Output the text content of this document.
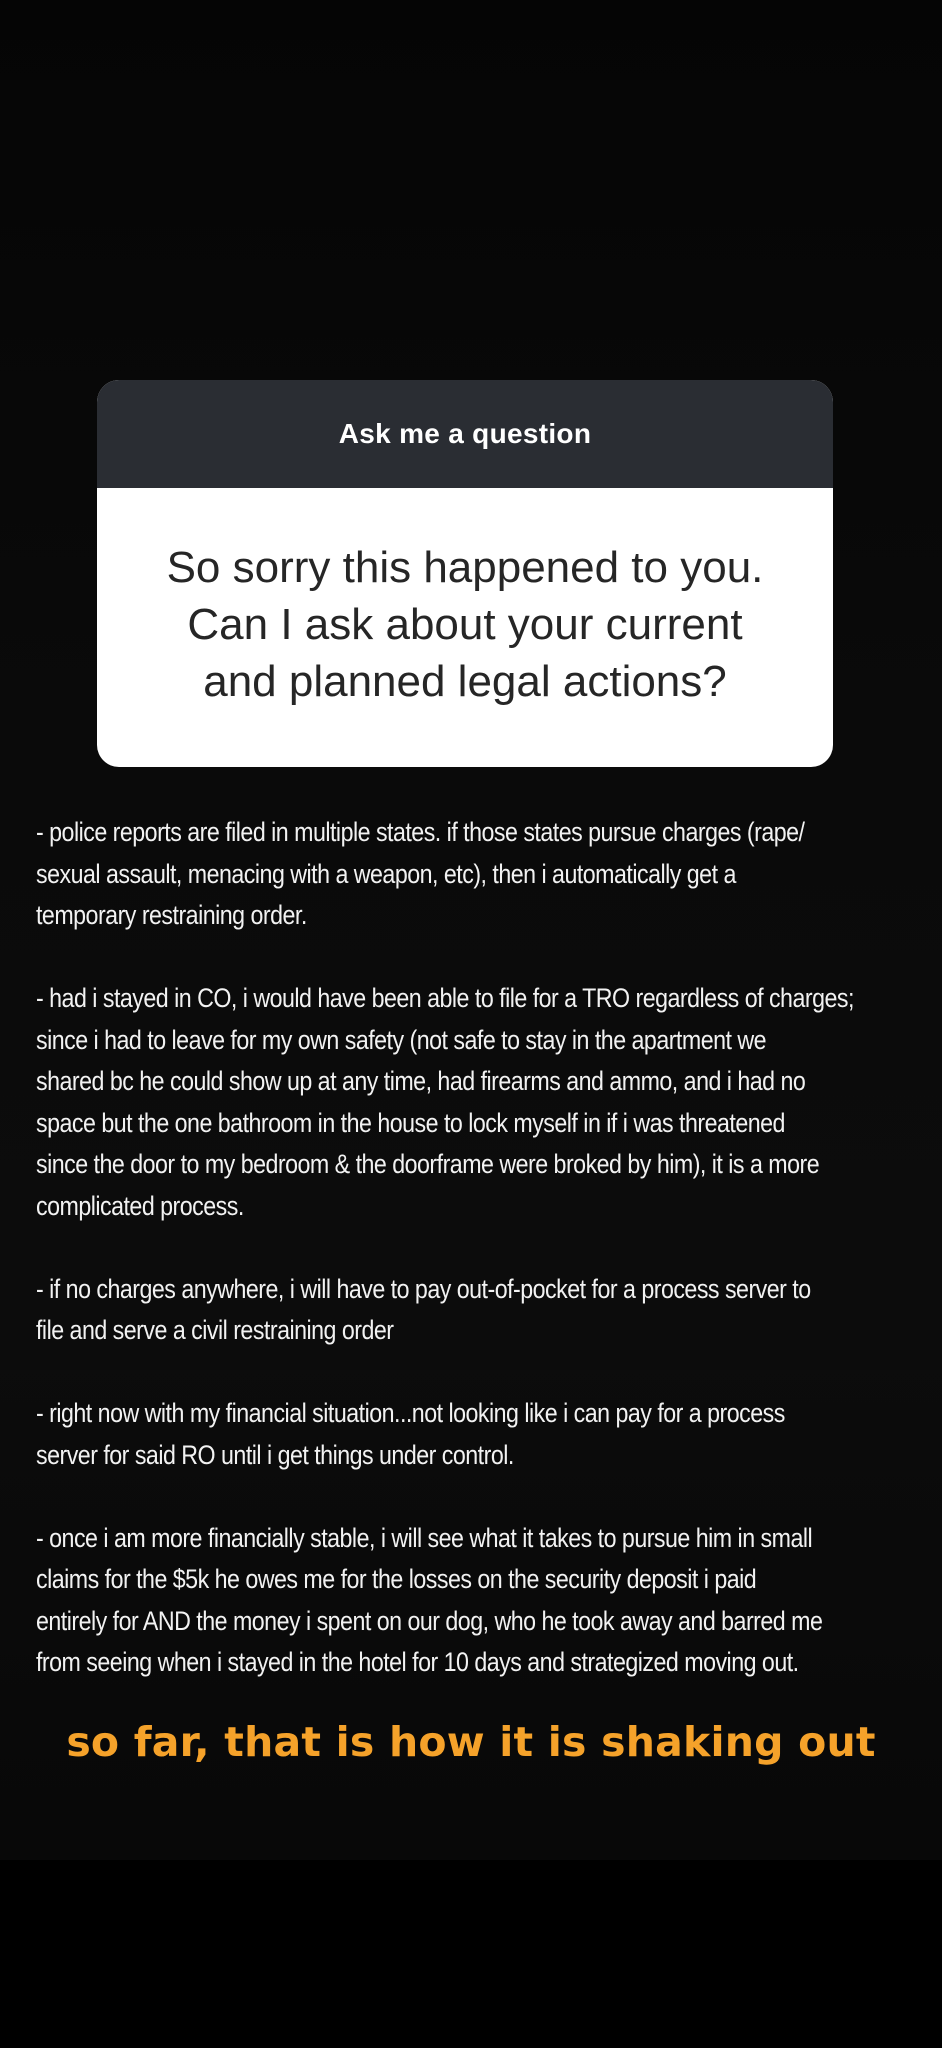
Ask me a question
So sorry this happened to you.
Can I ask about your current
and planned legal actions?
- police reports are filed in multiple states. if those states pursue charges (rape/
sexual assault, menacing with a weapon, etc), then i automatically get a
temporary restraining order.
- had i stayed in CO, i would have been able to file for a TRO regardless of charges;
since i had to leave for my own safety (not safe to stay in the apartment we
shared bc he could show up at any time, had firearms and ammo, and i had no
space but the one bathroom in the house to lock myself in if i was threatened
since the door to my bedroom & the doorframe were broked by him), it is a more
complicated process.
- if no charges anywhere, i will have to pay out-of-pocket for a process server to
file and serve a civil restraining order
- right now with my financial situation...not looking like i can pay for a process
server for said RO until i get things under control.
- once i am more financially stable, i will see what it takes to pursue him in small
claims for the $5k he owes me for the losses on the security deposit i paid
entirely for AND the money i spent on our dog, who he took away and barred me
from seeing when i stayed in the hotel for 10 days and strategized moving out.
so far, that is how it is shaking out
